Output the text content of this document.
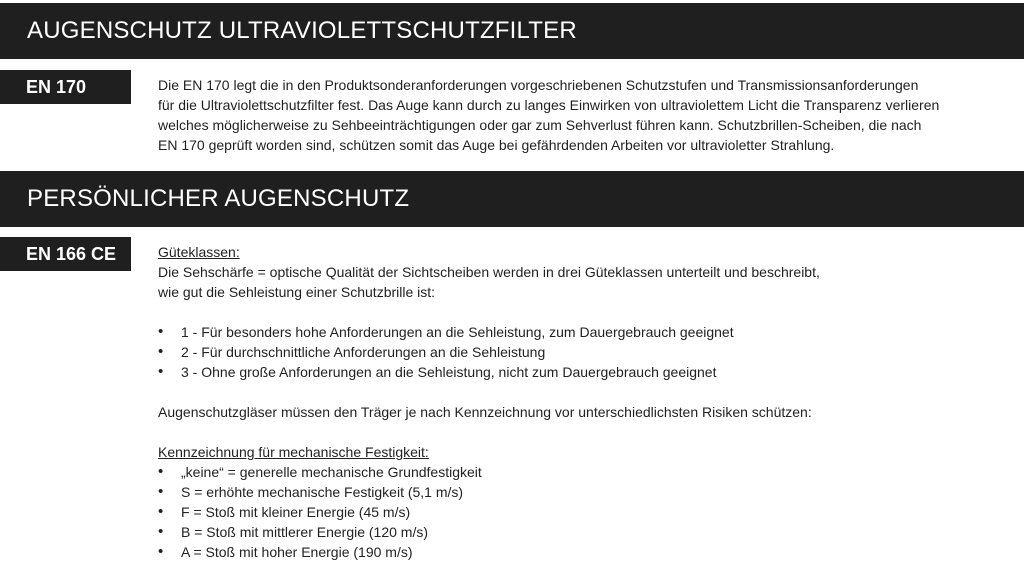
AUGENSCHUTZ ULTRAVIOLETTSCHUTZFILTER
EN 170	Die EN 170 legt die in den Produktsonderanforderungen vorgeschriebenen Schutzstufen und Transmissionsanforderungen
für die Ultraviolettschutzfilter fest. Das Auge kann durch zu langes Einwirken von ultraviolettem Licht die Transparenz verlieren
welches möglicherweise zu Sehbeeinträchtigungen oder gar zum Sehverlust führen kann. Schutzbrillen-Scheiben, die nach
EN 170 geprüft worden sind, schützen somit das Auge bei gefährdenden Arbeiten vor ultravioletter Strahlung.
PERSÖNLICHER AUGENSCHUTZ
EN 166 CE	Güteklassen:
Die Sehschärfe = optische Qualität der Sichtscheiben werden in drei Güteklassen unterteilt und beschreibt,
wie gut die Sehleistung einer Schutzbrille ist:
• 1 - Für besonders hohe Anforderungen an die Sehleistung, zum Dauergebrauch geeignet
• 2 - Für durchschnittliche Anforderungen an die Sehleistung
• 3 - Ohne große Anforderungen an die Sehleistung, nicht zum Dauergebrauch geeignet
Augenschutzgläser müssen den Träger je nach Kennzeichnung vor unterschiedlichsten Risiken schützen:
Kennzeichnung für mechanische Festigkeit:
• „keine“ = generelle mechanische Grundfestigkeit
• S = erhöhte mechanische Festigkeit (5,1 m/s)
• F = Stoß mit kleiner Energie (45 m/s)
• B = Stoß mit mittlerer Energie (120 m/s)
• A = Stoß mit hoher Energie (190 m/s)
